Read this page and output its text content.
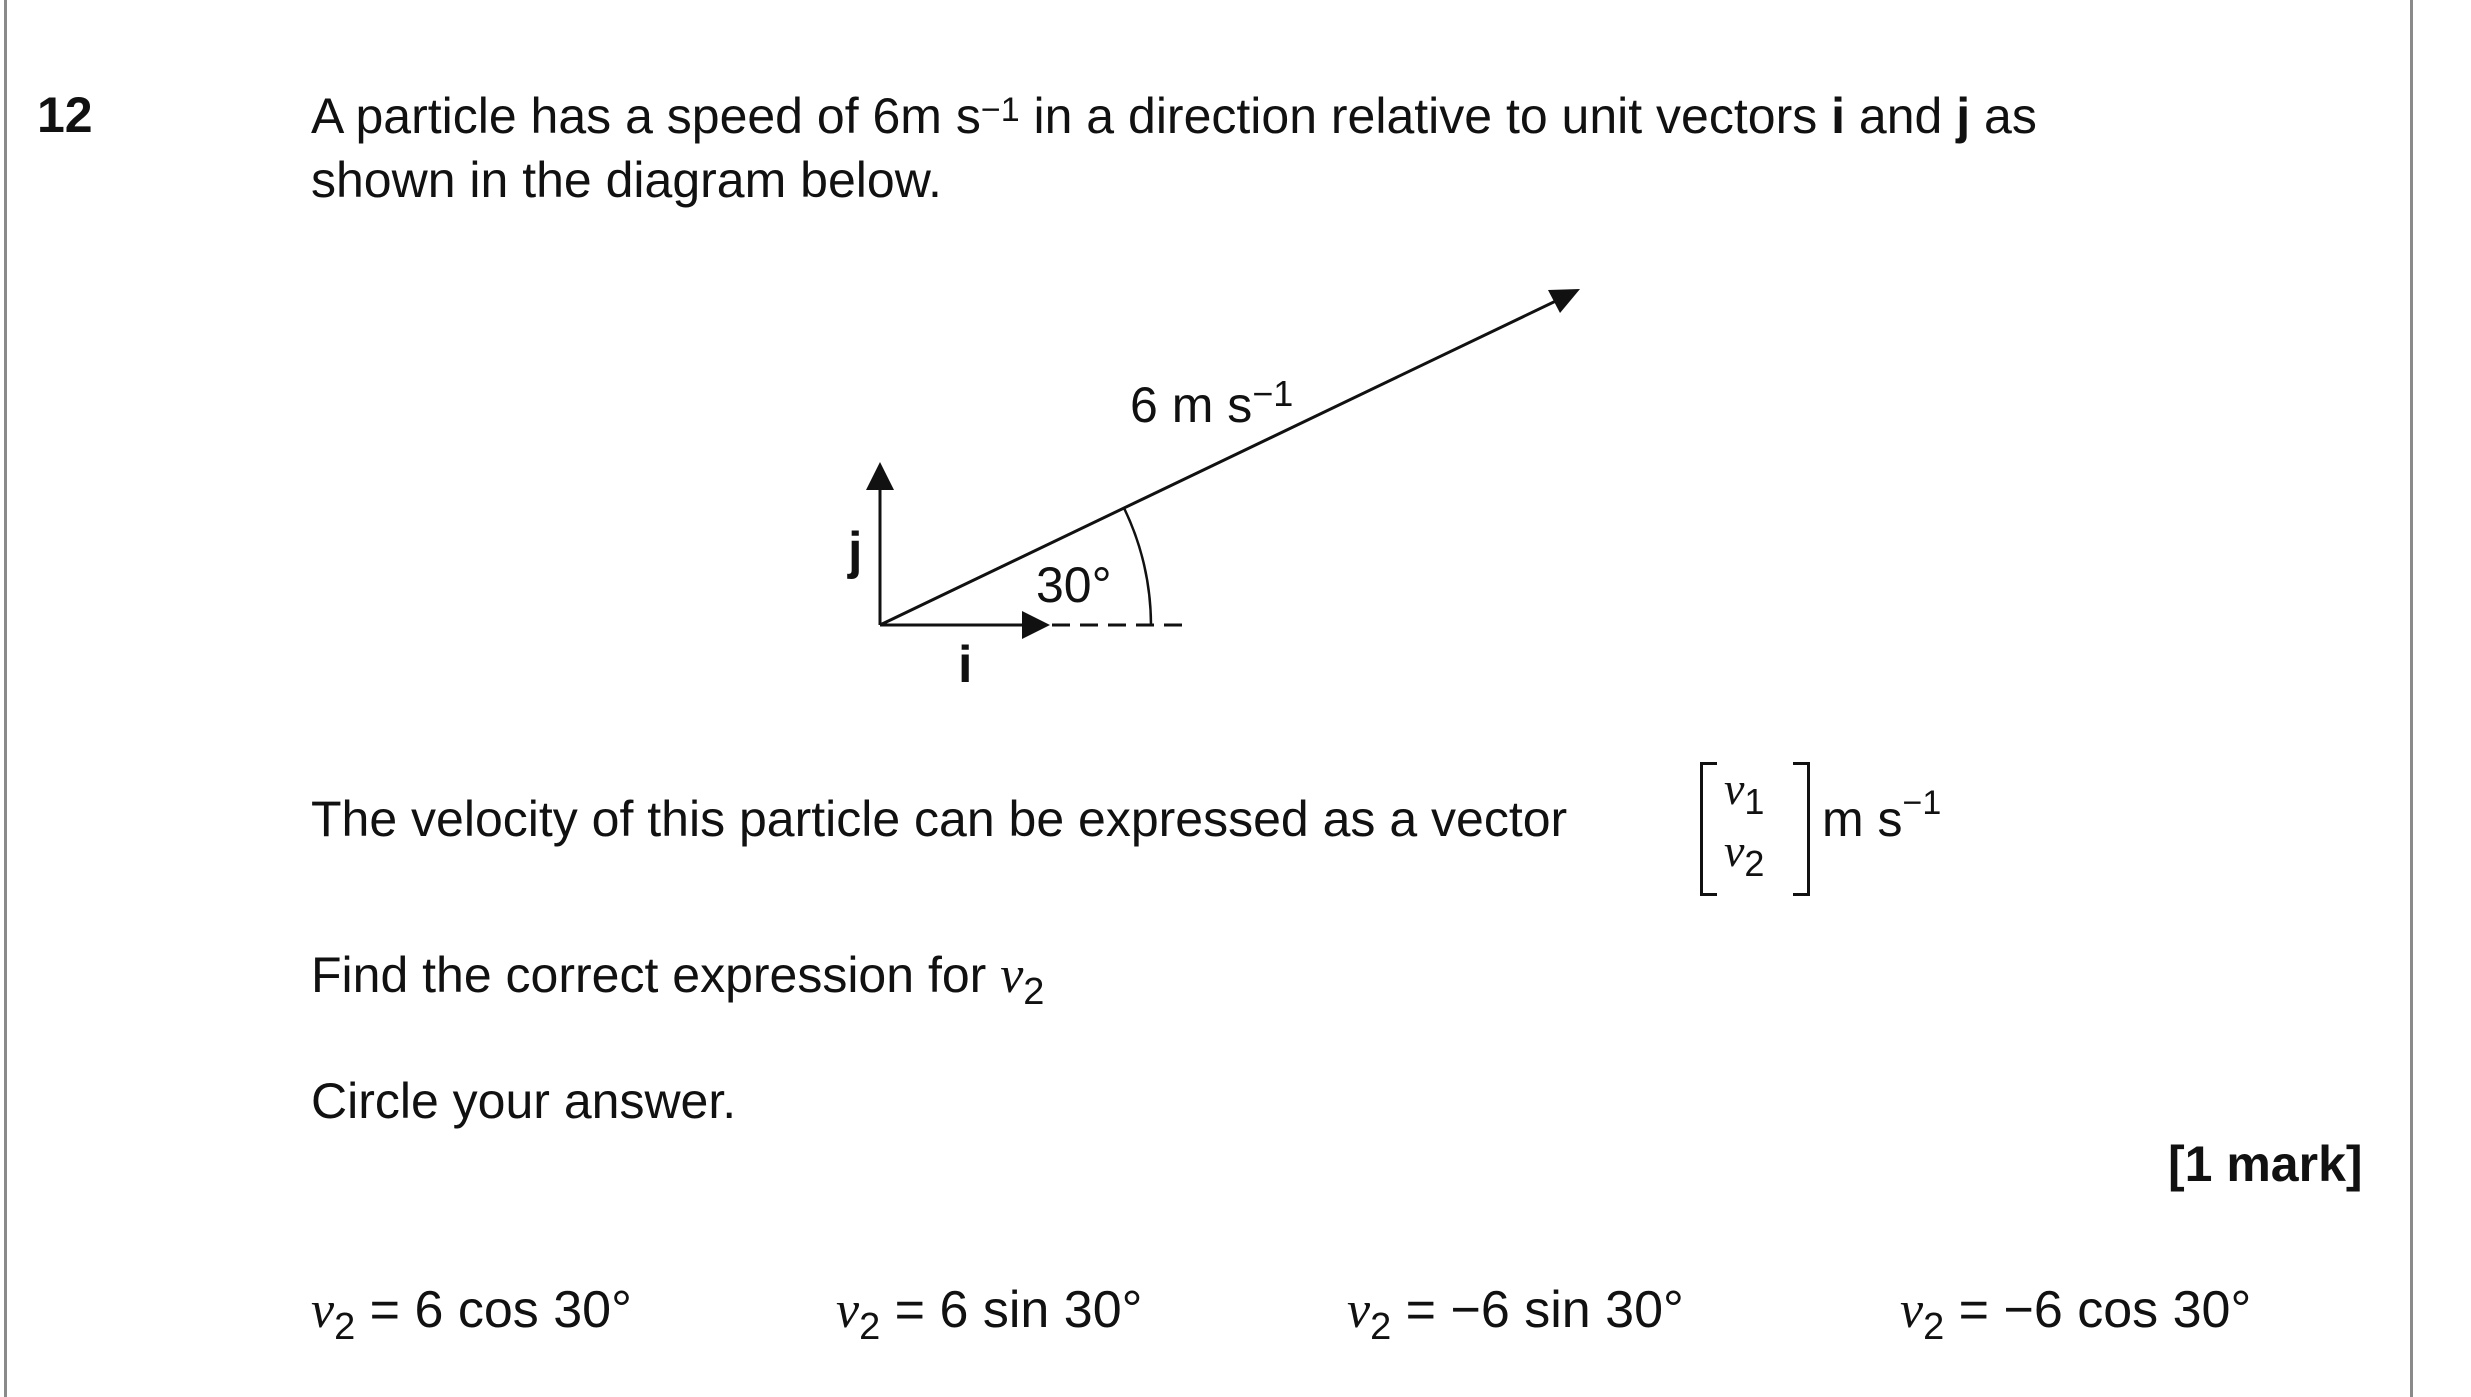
12	A particle has a speed of 6m $s^{-1}$ in a direction relative to unit vectors i and j as
shown in the diagram below.
6 m $s^{-1}$
30°
j
i
The velocity of this particle can be expressed as a vector
$v_1$
$v_2$
m $s^{-1}$
Find the correct expression for $v_2$
Circle your answer.
[1 mark]
$v_2 = 6$ cos 30°	$v_2 = 6$ sin 30°	$v_2 = -6$ sin 30°	$v_2 = -6$ cos 30°
